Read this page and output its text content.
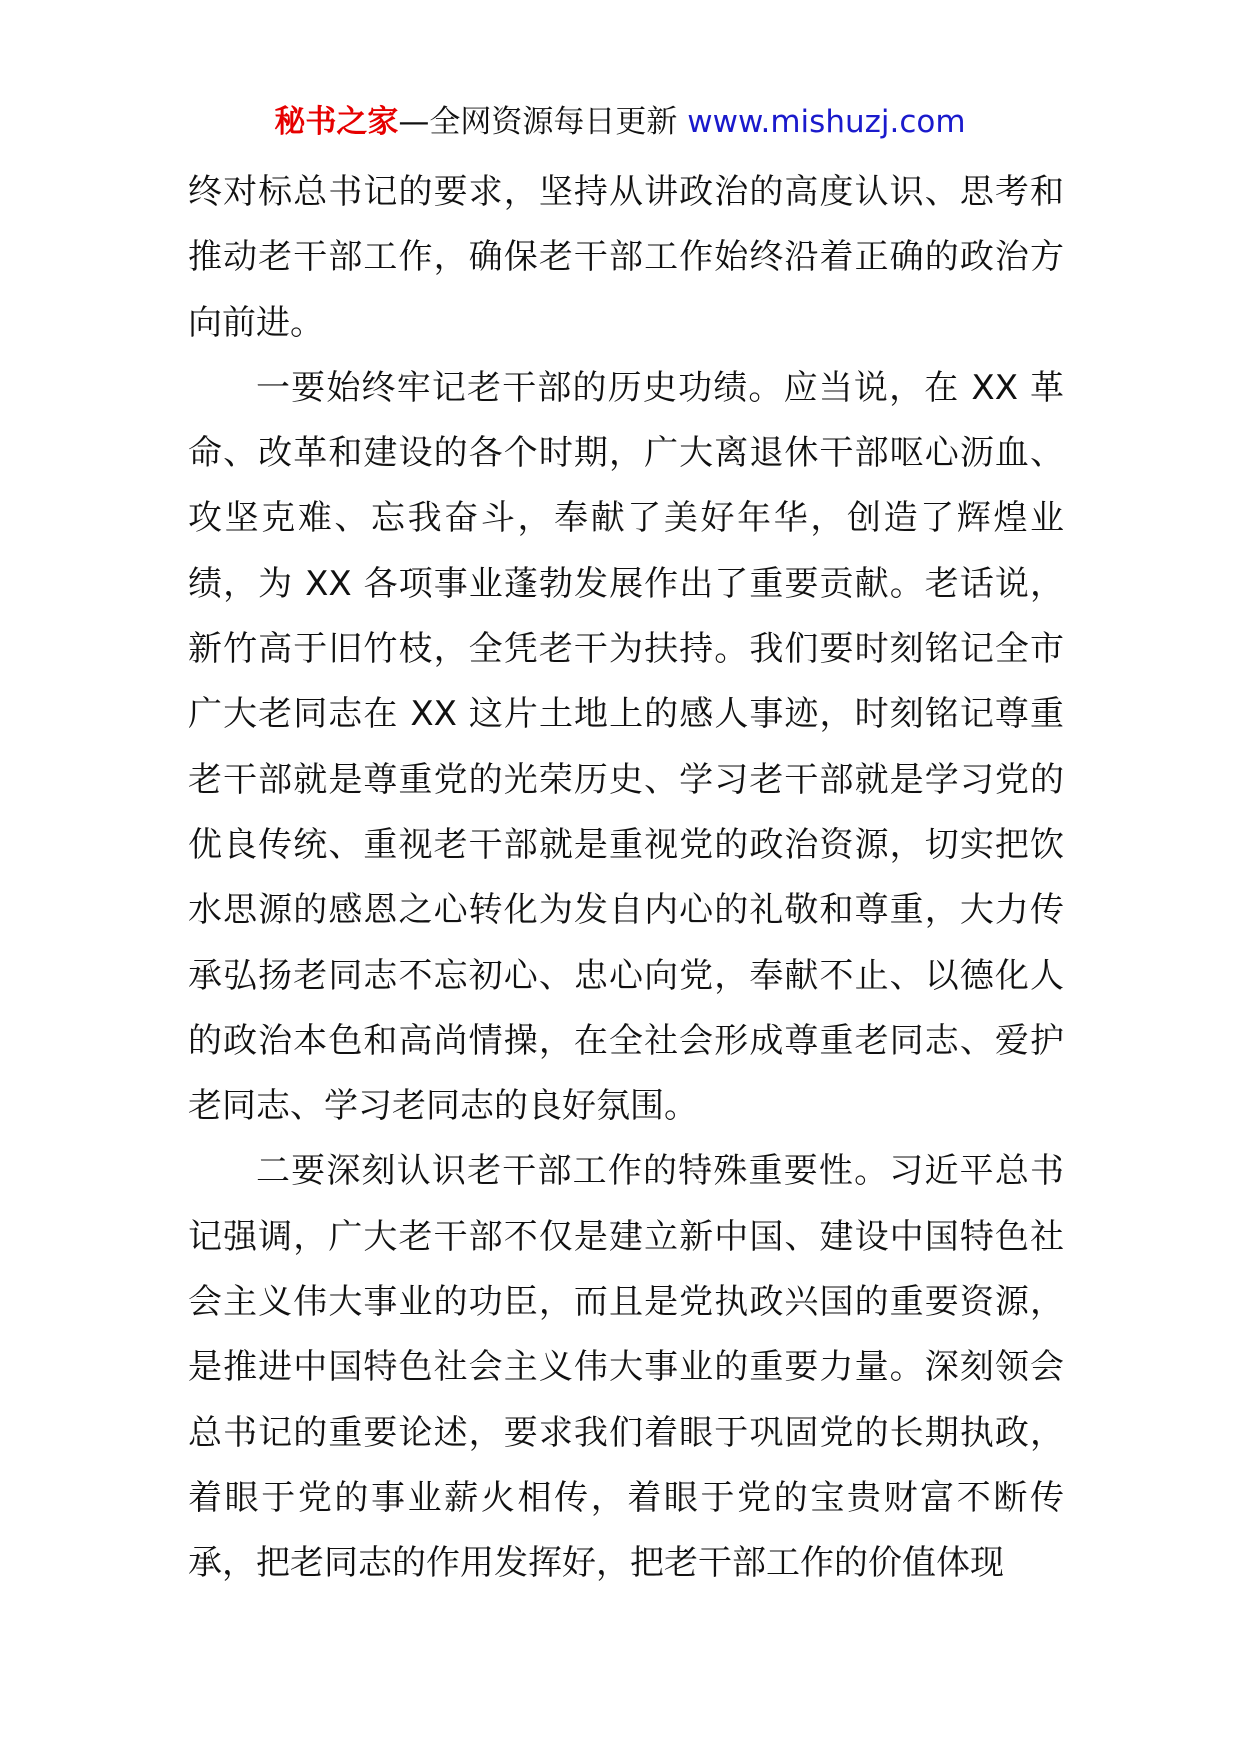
秘书之家—全网资源每日更新 www.mishuzj.com

终对标总书记的要求，坚持从讲政治的高度认识、思考和推动老干部工作，确保老干部工作始终沿着正确的政治方向前进。

一要始终牢记老干部的历史功绩。应当说，在 XX 革命、改革和建设的各个时期，广大离退休干部呕心沥血、攻坚克难、忘我奋斗，奉献了美好年华，创造了辉煌业绩，为 XX 各项事业蓬勃发展作出了重要贡献。老话说，新竹高于旧竹枝，全凭老干为扶持。我们要时刻铭记全市广大老同志在 XX 这片土地上的感人事迹，时刻铭记尊重老干部就是尊重党的光荣历史、学习老干部就是学习党的优良传统、重视老干部就是重视党的政治资源，切实把饮水思源的感恩之心转化为发自内心的礼敬和尊重，大力传承弘扬老同志不忘初心、忠心向党，奉献不止、以德化人的政治本色和高尚情操，在全社会形成尊重老同志、爱护老同志、学习老同志的良好氛围。

二要深刻认识老干部工作的特殊重要性。习近平总书记强调，广大老干部不仅是建立新中国、建设中国特色社会主义伟大事业的功臣，而且是党执政兴国的重要资源，是推进中国特色社会主义伟大事业的重要力量。深刻领会总书记的重要论述，要求我们着眼于巩固党的长期执政，着眼于党的事业薪火相传，着眼于党的宝贵财富不断传承，把老同志的作用发挥好，把老干部工作的价值体现
